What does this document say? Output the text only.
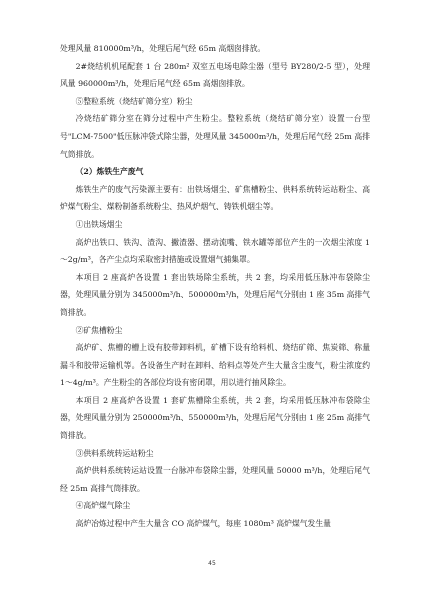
处理风量 810000m³/h，处理后尾气经 65m 高烟囱排放。

2#烧结机机尾配套 1 台 280m² 双室五电场电除尘器（型号 BY280/2-5 型），处理风量 960000m³/h，处理后尾气经 65m 高烟囱排放。

⑤整粒系统（烧结矿筛分室）粉尘

冷烧结矿筛分室在筛分过程中产生粉尘。整粒系统（烧结矿筛分室）设置一台型号"LCM-7500"低压脉冲袋式除尘器，处理风量 345000m³/h，处理后尾气经 25m 高排气筒排放。

（2）炼铁生产废气

炼铁生产的废气污染源主要有：出铁场烟尘、矿焦槽粉尘、供料系统转运站粉尘、高炉煤气粉尘、煤粉制备系统粉尘、热风炉烟气、铸铁机烟尘等。

①出铁场烟尘

高炉出铁口、铁沟、渣沟、撇渣器、摆动流嘴、铁水罐等部位产生的一次烟尘浓度 1～2g/m³，各产尘点均采取密封措施或设置烟气捕集罩。

本项目 2 座高炉各设置 1 套出铁场除尘系统，共 2 套，均采用低压脉冲布袋除尘器，处理风量分别为 345000m³/h、500000m³/h，处理后尾气分别由 1 座 35m 高排气筒排放。

②矿焦槽粉尘

高炉矿、焦槽的槽上设有胶带卸料机，矿槽下设有给料机、烧结矿筛、焦炭筛、称量漏斗和胶带运输机等。各设备生产时在卸料、给料点等处产生大量含尘废气，粉尘浓度约 1～4g/m³。产生粉尘的各部位均设有密闭罩，用以进行抽风除尘。

本项目 2 座高炉各设置 1 套矿焦槽除尘系统，共 2 套，均采用低压脉冲布袋除尘器，处理风量分别为 250000m³/h、550000m³/h，处理后尾气分别由 1 座 25m 高排气筒排放。

③供料系统转运站粉尘

高炉供料系统转运站设置一台脉冲布袋除尘器，处理风量 50000 m³/h，处理后尾气经 25m 高排气筒排放。

④高炉煤气除尘

高炉冶炼过程中产生大量含 CO 高炉煤气，每座 1080m³ 高炉煤气发生量

45
